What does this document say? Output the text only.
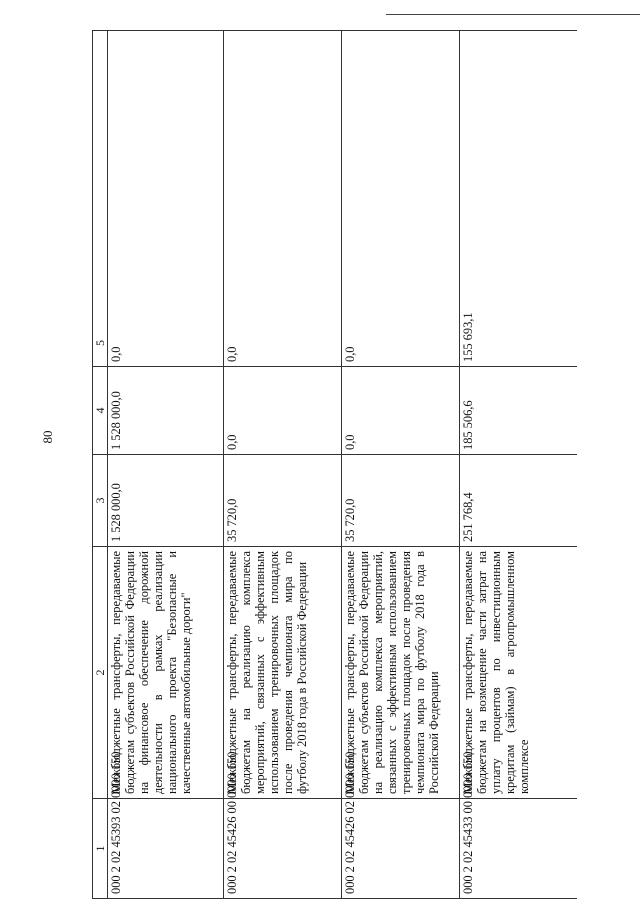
80
1	2	3	4	5
000 2 02 45393 02 0000 150	Межбюджетные трансферты, передаваемые бюджетам субъектов Российской Федерации на финансовое обеспечение дорожной деятельности в рамках реализации национального проекта "Безопасные и качественные автомобильные дороги"	1 528 000,0	1 528 000,0	0,0
000 2 02 45426 00 0000 150	Межбюджетные трансферты, передаваемые бюджетам на реализацию комплекса мероприятий, связанных с эффективным использованием тренировочных площадок после проведения чемпионата мира по футболу 2018 года в Российской Федерации	35 720,0	0,0	0,0
000 2 02 45426 02 0000 150	Межбюджетные трансферты, передаваемые бюджетам субъектов Российской Федерации на реализацию комплекса мероприятий, связанных с эффективным использованием тренировочных площадок после проведения чемпионата мира по футболу 2018 года в Российской Федерации	35 720,0	0,0	0,0
000 2 02 45433 00 0000 150	Межбюджетные трансферты, передаваемые бюджетам на возмещение части затрат на уплату процентов по инвестиционным кредитам (займам) в агропромышленном комплексе	251 768,4	185 506,6	155 693,1
